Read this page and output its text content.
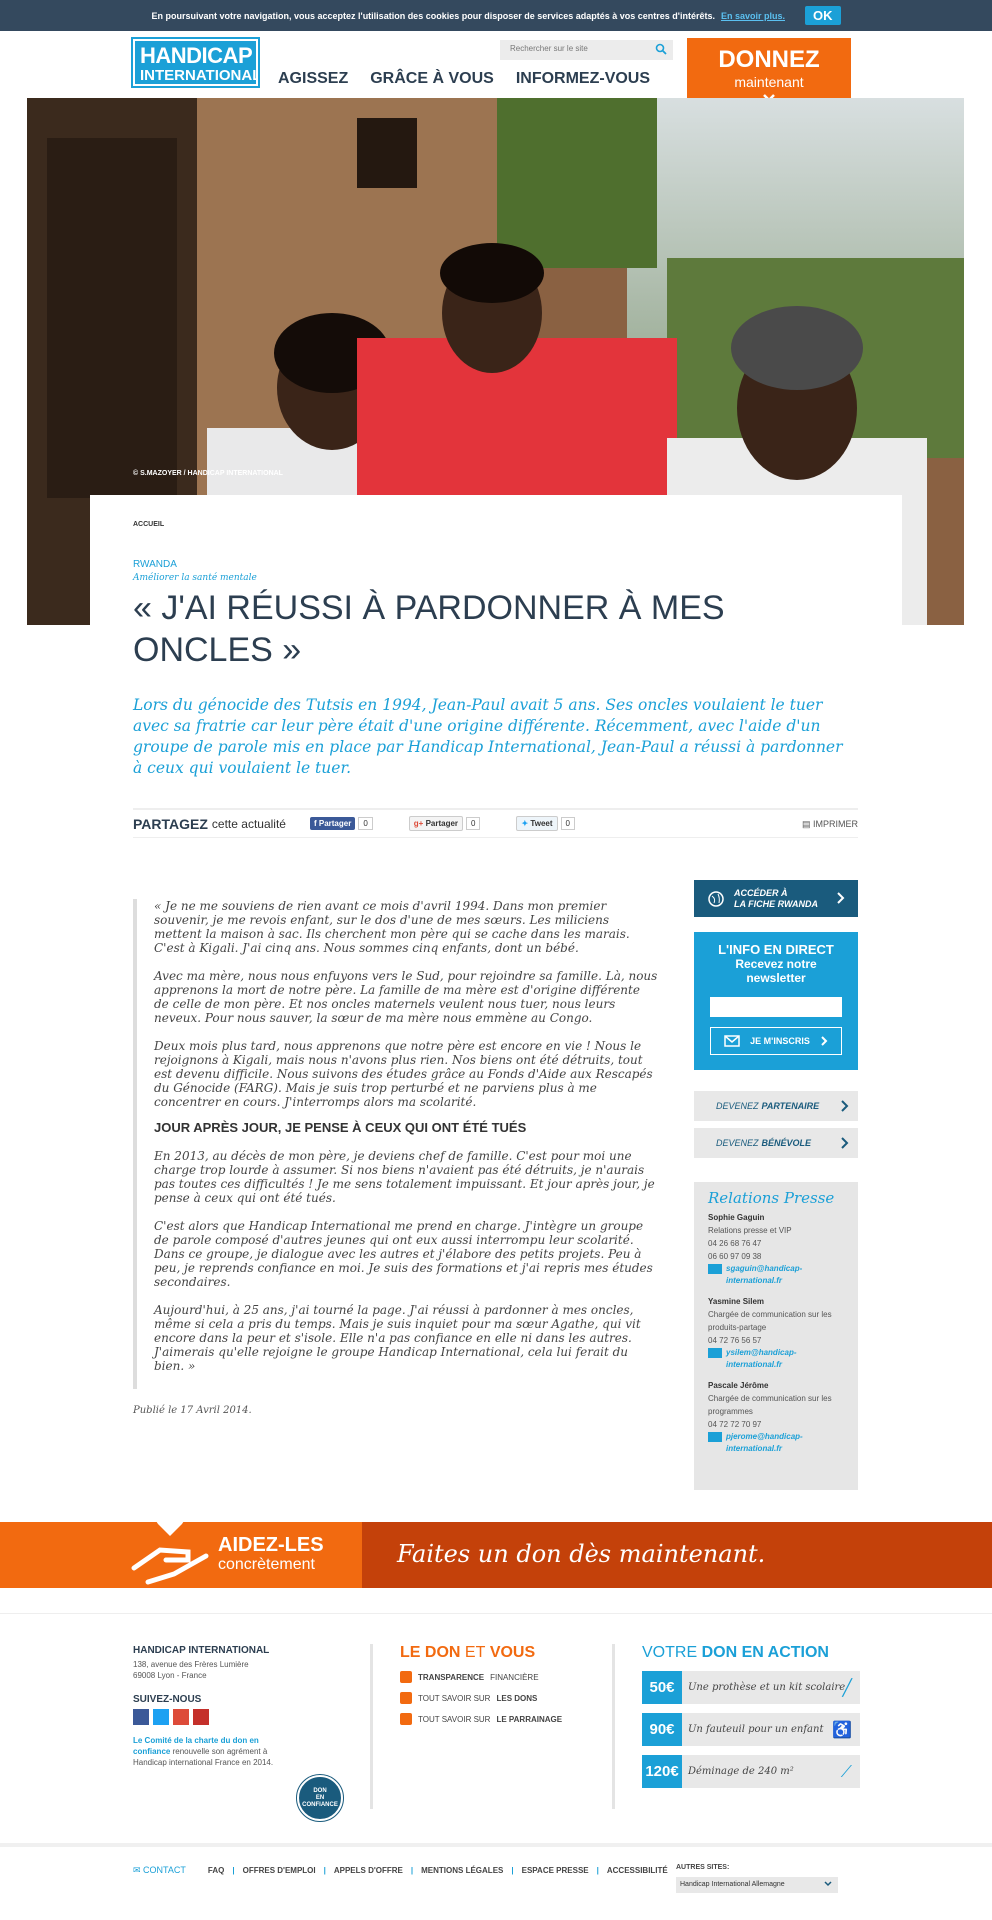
En poursuivant votre navigation, vous acceptez l'utilisation des cookies pour disposer de services adaptés à vos centres d'intérêts. En savoir plus.	OK
HANDICAP
INTERNATIONAL
Rechercher sur le site
AGISSEZ GRÂCE À VOUS INFORMEZ-VOUS
DONNEZ
maintenant
© S.MAZOYER / HANDICAP INTERNATIONAL
ACCUEIL
RWANDA
Améliorer la santé mentale
« J'AI RÉUSSI À PARDONNER À MES ONCLES »

Lors du génocide des Tutsis en 1994, Jean-Paul avait 5 ans. Ses oncles voulaient le tuer avec sa fratrie car leur père était d'une origine différente. Récemment, avec l'aide d'un groupe de parole mis en place par Handicap International, Jean-Paul a réussi à pardonner à ceux qui voulaient le tuer.

PARTAGEZ cette actualité	f Partager	0	g+ Partager	0	✦ Tweet	0	▤ IMPRIMER

« Je ne me souviens de rien avant ce mois d'avril 1994. Dans mon premier souvenir, je me revois enfant, sur le dos d'une de mes sœurs. Les miliciens mettent la maison à sac. Ils cherchent mon père qui se cache dans les marais. C'est à Kigali. J'ai cinq ans. Nous sommes cinq enfants, dont un bébé.

Avec ma mère, nous nous enfuyons vers le Sud, pour rejoindre sa famille. Là, nous apprenons la mort de notre père. La famille de ma mère est d'origine différente de celle de mon père. Et nos oncles maternels veulent nous tuer, nous leurs neveux. Pour nous sauver, la sœur de ma mère nous emmène au Congo.

Deux mois plus tard, nous apprenons que notre père est encore en vie ! Nous le rejoignons à Kigali, mais nous n'avons plus rien. Nos biens ont été détruits, tout est devenu difficile. Nous suivons des études grâce au Fonds d'Aide aux Rescapés du Génocide (FARG). Mais je suis trop perturbé et ne parviens plus à me concentrer en cours. J'interromps alors ma scolarité.

JOUR APRÈS JOUR, JE PENSE À CEUX QUI ONT ÉTÉ TUÉS

En 2013, au décès de mon père, je deviens chef de famille. C'est pour moi une charge trop lourde à assumer. Si nos biens n'avaient pas été détruits, je n'aurais pas toutes ces difficultés ! Je me sens totalement impuissant. Et jour après jour, je pense à ceux qui ont été tués.

C'est alors que Handicap International me prend en charge. J'intègre un groupe de parole composé d'autres jeunes qui ont eux aussi interrompu leur scolarité. Dans ce groupe, je dialogue avec les autres et j'élabore des petits projets. Peu à peu, je reprends confiance en moi. Je suis des formations et j'ai repris mes études secondaires.

Aujourd'hui, à 25 ans, j'ai tourné la page. J'ai réussi à pardonner à mes oncles, même si cela a pris du temps. Mais je suis inquiet pour ma sœur Agathe, qui vit encore dans la peur et s'isole. Elle n'a pas confiance en elle ni dans les autres. J'aimerais qu'elle rejoigne le groupe Handicap International, cela lui ferait du bien. »

Publié le 17 Avril 2014.
ACCÉDER À
LA FICHE RWANDA
L'INFO EN DIRECT
Recevez notre
newsletter
JE M'INSCRIS
DEVENEZ PARTENAIRE
DEVENEZ BÉNÉVOLE
Relations Presse
Sophie Gaguin
Relations presse et VIP
04 26 68 76 47
06 60 97 09 38
sgaguin@handicap-international.fr
Yasmine Silem
Chargée de communication sur les produits-partage
04 72 76 56 57
ysilem@handicap-international.fr
Pascale Jérôme
Chargée de communication sur les programmes
04 72 72 70 97
pjerome@handicap-international.fr
AIDEZ-LES
concrètement	Faites un don dès maintenant.
HANDICAP INTERNATIONAL
138, avenue des Frères Lumière
69008 Lyon - France
SUIVEZ-NOUS
Le Comité de la charte du don en confiance renouvelle son agrément à Handicap international France en 2014.
DON
EN
CONFIANCE
LE DON ET VOUS
TRANSPARENCE FINANCIÈRE
TOUT SAVOIR SUR LES DONS
TOUT SAVOIR SUR LE PARRAINAGE
VOTRE DON EN ACTION
50€	Une prothèse et un kit scolaire
╱
90€	Un fauteuil pour un enfant ♿
120€ Déminage de 240 m²	⟋
✉ CONTACT	FAQ | OFFRES D'EMPLOI | APPELS D'OFFRE | MENTIONS LÉGALES | ESPACE PRESSE | ACCESSIBILITÉ AUTRES SITES:
Handicap International Allemagne
